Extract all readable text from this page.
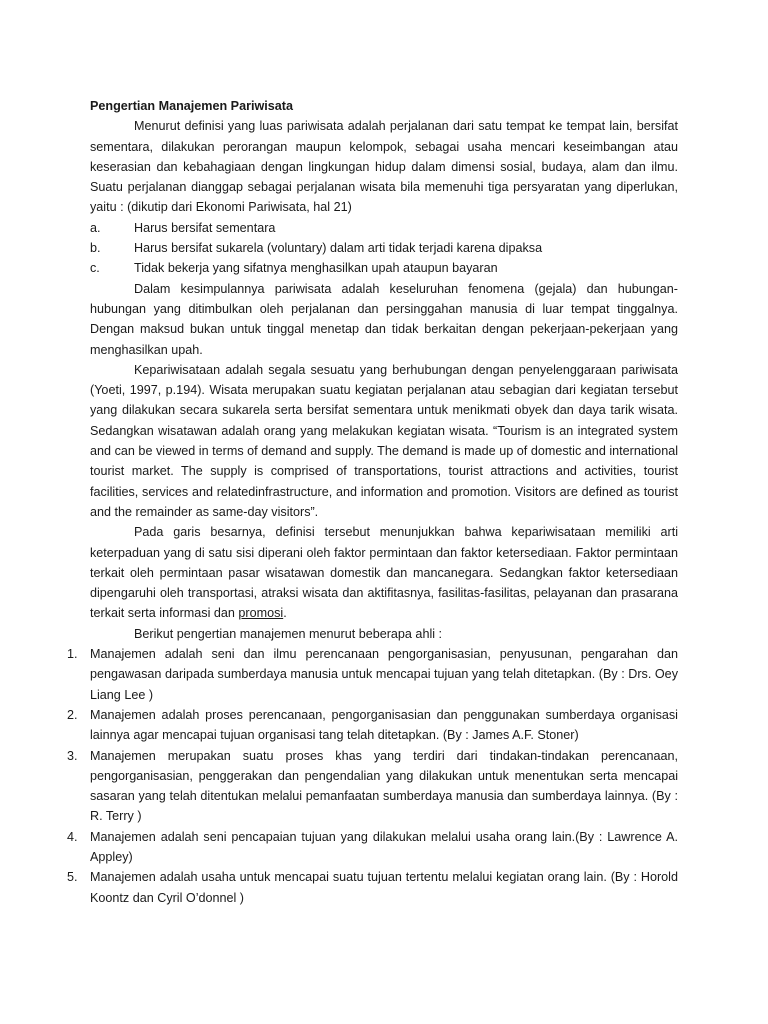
Pengertian Manajemen Pariwisata
Menurut definisi yang luas pariwisata adalah perjalanan dari satu tempat ke tempat lain, bersifat sementara, dilakukan perorangan maupun kelompok, sebagai usaha mencari keseimbangan atau keserasian dan kebahagiaan dengan lingkungan hidup dalam dimensi sosial, budaya, alam dan ilmu. Suatu perjalanan dianggap sebagai perjalanan wisata bila memenuhi tiga persyaratan yang diperlukan, yaitu : (dikutip dari Ekonomi Pariwisata, hal 21)
a.	Harus bersifat sementara
b.	Harus bersifat sukarela (voluntary) dalam arti tidak terjadi karena dipaksa
c.	Tidak bekerja yang sifatnya menghasilkan upah ataupun bayaran
Dalam kesimpulannya pariwisata adalah keseluruhan fenomena (gejala) dan hubungan-hubungan yang ditimbulkan oleh perjalanan dan persinggahan manusia di luar tempat tinggalnya. Dengan maksud bukan untuk tinggal menetap dan tidak berkaitan dengan pekerjaan-pekerjaan yang menghasilkan upah.
Kepariwisataan adalah segala sesuatu yang berhubungan dengan penyelenggaraan pariwisata (Yoeti, 1997, p.194). Wisata merupakan suatu kegiatan perjalanan atau sebagian dari kegiatan tersebut yang dilakukan secara sukarela serta bersifat sementara untuk menikmati obyek dan daya tarik wisata. Sedangkan wisatawan adalah orang yang melakukan kegiatan wisata. “Tourism is an integrated system and can be viewed in terms of demand and supply. The demand is made up of domestic and international tourist market. The supply is comprised of transportations, tourist attractions and activities, tourist facilities, services and relatedinfrastructure, and information and promotion. Visitors are defined as tourist and the remainder as same-day visitors”.
Pada garis besarnya, definisi tersebut menunjukkan bahwa kepariwisataan memiliki arti keterpaduan yang di satu sisi diperani oleh faktor permintaan dan faktor ketersediaan. Faktor permintaan terkait oleh permintaan pasar wisatawan domestik dan mancanegara. Sedangkan faktor ketersediaan dipengaruhi oleh transportasi, atraksi wisata dan aktifitasnya, fasilitas-fasilitas, pelayanan dan prasarana terkait serta informasi dan promosi.
Berikut pengertian manajemen menurut beberapa ahli :
1. Manajemen adalah seni dan ilmu perencanaan pengorganisasian, penyusunan, pengarahan dan pengawasan daripada sumberdaya manusia untuk mencapai tujuan yang telah ditetapkan. (By : Drs. Oey Liang Lee )
2. Manajemen adalah proses perencanaan, pengorganisasian dan penggunakan sumberdaya organisasi lainnya agar mencapai tujuan organisasi tang telah ditetapkan. (By : James A.F. Stoner)
3. Manajemen merupakan suatu proses khas yang terdiri dari tindakan-tindakan perencanaan, pengorganisasian, penggerakan dan pengendalian yang dilakukan untuk menentukan serta mencapai sasaran yang telah ditentukan melalui pemanfaatan sumberdaya manusia dan sumberdaya lainnya. (By : R. Terry )
4. Manajemen adalah seni pencapaian tujuan yang dilakukan melalui usaha orang lain.(By : Lawrence A. Appley)
5. Manajemen adalah usaha untuk mencapai suatu tujuan tertentu melalui kegiatan orang lain. (By : Horold Koontz dan Cyril O’donnel )
